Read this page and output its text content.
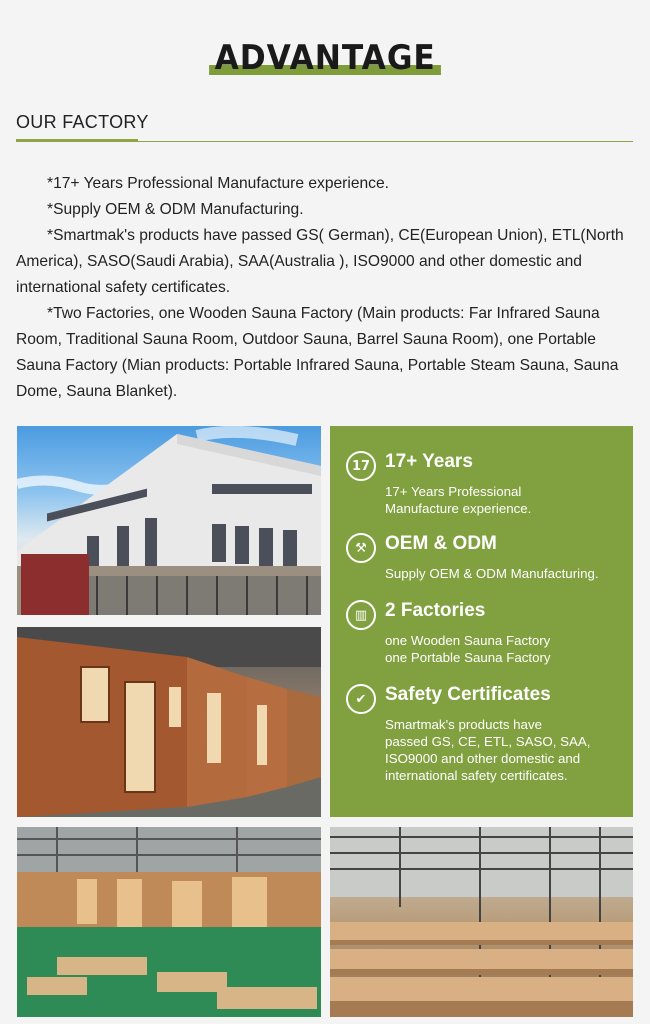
ADVANTAGE
OUR FACTORY

*17+ Years Professional Manufacture experience.

*Supply OEM & ODM Manufacturing.

*Smartmak's products have passed GS( German), CE(European Union), ETL(North America), SASO(Saudi Arabia), SAA(Australia ), ISO9000 and other domestic and international safety certificates.

*Two Factories, one Wooden Sauna Factory (Main products: Far Infrared Sauna Room, Traditional Sauna Room, Outdoor Sauna, Barrel Sauna Room), one Portable Sauna Factory (Mian products: Portable Infrared Sauna, Portable Steam Sauna, Sauna Dome, Sauna Blanket).

17 17+ Years
17+ Years Professional
Manufacture experience.
⚒ OEM & ODM
Supply OEM & ODM Manufacturing.
▥ 2 Factories
one Wooden Sauna Factory
one Portable Sauna Factory
✔ Safety Certificates
Smartmak's products have
passed GS, CE, ETL, SASO, SAA,
ISO9000 and other domestic and
international safety certificates.
